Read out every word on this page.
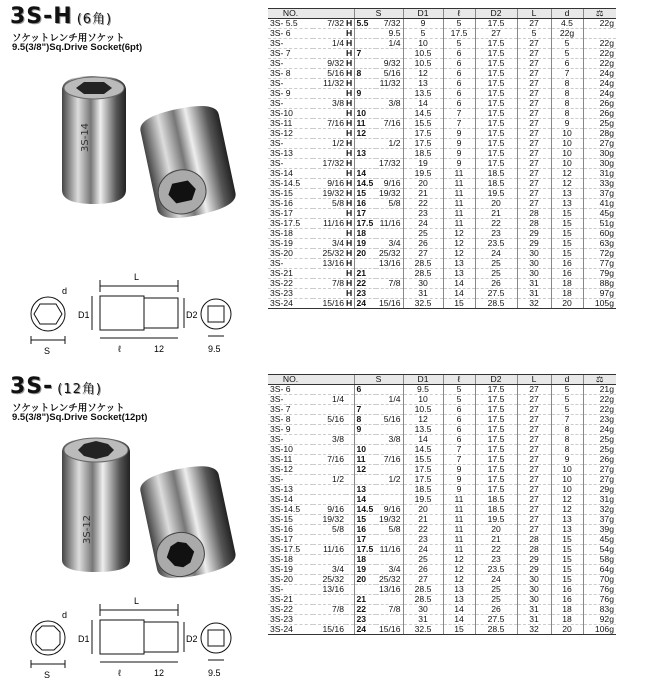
3S-H (6角)
ソケットレンチ用ソケット
9.5(3/8")Sq.Drive Socket(6pt)
3S-14
L
d
D1	D2
S	ℓ	12	9.5
NO.			S		D1	ℓ	D2	L	d	⚖
3S- 5.5	7/32	H	5.5	7/32	9	5	17.5	27	4.5	22g
3S- 6		H		9.5	5	17.5	27	5	22g	
3S-	1/4	H		1/4	10	5	17.5	27	5	22g
3S- 7		H	7		10.5	6	17.5	27	5	22g
3S-	9/32	H		9/32	10.5	6	17.5	27	6	22g
3S- 8	5/16	H	8	5/16	12	6	17.5	27	7	24g
3S-	11/32	H		11/32	13	6	17.5	27	8	24g
3S- 9		H	9		13.5	6	17.5	27	8	24g
3S-	3/8	H		3/8	14	6	17.5	27	8	26g
3S-10		H	10		14.5	7	17.5	27	8	26g
3S-11	7/16	H	11	7/16	15.5	7	17.5	27	9	25g
3S-12		H	12		17.5	9	17.5	27	10	28g
3S-	1/2	H		1/2	17.5	9	17.5	27	10	27g
3S-13		H	13		18.5	9	17.5	27	10	30g
3S-	17/32	H		17/32	19	9	17.5	27	10	30g
3S-14		H	14		19.5	11	18.5	27	12	31g
3S-14.5	9/16	H	14.5	9/16	20	11	18.5	27	12	33g
3S-15	19/32	H	15	19/32	21	11	19.5	27	13	37g
3S-16	5/8	H	16	5/8	22	11	20	27	13	41g
3S-17		H	17		23	11	21	28	15	45g
3S-17.5	11/16	H	17.5	11/16	24	11	22	28	15	51g
3S-18		H	18		25	12	23	29	15	60g
3S-19	3/4	H	19	3/4	26	12	23.5	29	15	63g
3S-20	25/32	H	20	25/32	27	12	24	30	15	72g
3S-	13/16	H		13/16	28.5	13	25	30	16	77g
3S-21		H	21		28.5	13	25	30	16	79g
3S-22	7/8	H	22	7/8	30	14	26	31	18	88g
3S-23		H	23		31	14	27.5	31	18	97g
3S-24	15/16	H	24	15/16	32.5	15	28.5	32	20	105g
3S- (12角)
ソケットレンチ用ソケット
9.5(3/8")Sq.Drive Socket(12pt)
3S-12
L
d
D1	D2
S	ℓ	12	9.5
NO.			S		D1	ℓ	D2	L	d	⚖
3S- 6			6		9.5	5	17.5	27	5	21g
3S-	1/4			1/4	10	5	17.5	27	5	22g
3S- 7			7		10.5	6	17.5	27	5	22g
3S- 8	5/16		8	5/16	12	6	17.5	27	7	23g
3S- 9			9		13.5	6	17.5	27	8	24g
3S-	3/8			3/8	14	6	17.5	27	8	25g
3S-10			10		14.5	7	17.5	27	8	25g
3S-11	7/16		11	7/16	15.5	7	17.5	27	9	26g
3S-12			12		17.5	9	17.5	27	10	27g
3S-	1/2			1/2	17.5	9	17.5	27	10	27g
3S-13			13		18.5	9	17.5	27	10	29g
3S-14			14		19.5	11	18.5	27	12	31g
3S-14.5	9/16		14.5	9/16	20	11	18.5	27	12	32g
3S-15	19/32		15	19/32	21	11	19.5	27	13	37g
3S-16	5/8		16	5/8	22	11	20	27	13	39g
3S-17			17		23	11	21	28	15	45g
3S-17.5	11/16		17.5	11/16	24	11	22	28	15	54g
3S-18			18		25	12	23	29	15	58g
3S-19	3/4		19	3/4	26	12	23.5	29	15	64g
3S-20	25/32		20	25/32	27	12	24	30	15	70g
3S-	13/16			13/16	28.5	13	25	30	16	76g
3S-21			21		28.5	13	25	30	16	76g
3S-22	7/8		22	7/8	30	14	26	31	18	83g
3S-23			23		31	14	27.5	31	18	92g
3S-24	15/16		24	15/16	32.5	15	28.5	32	20	106g
